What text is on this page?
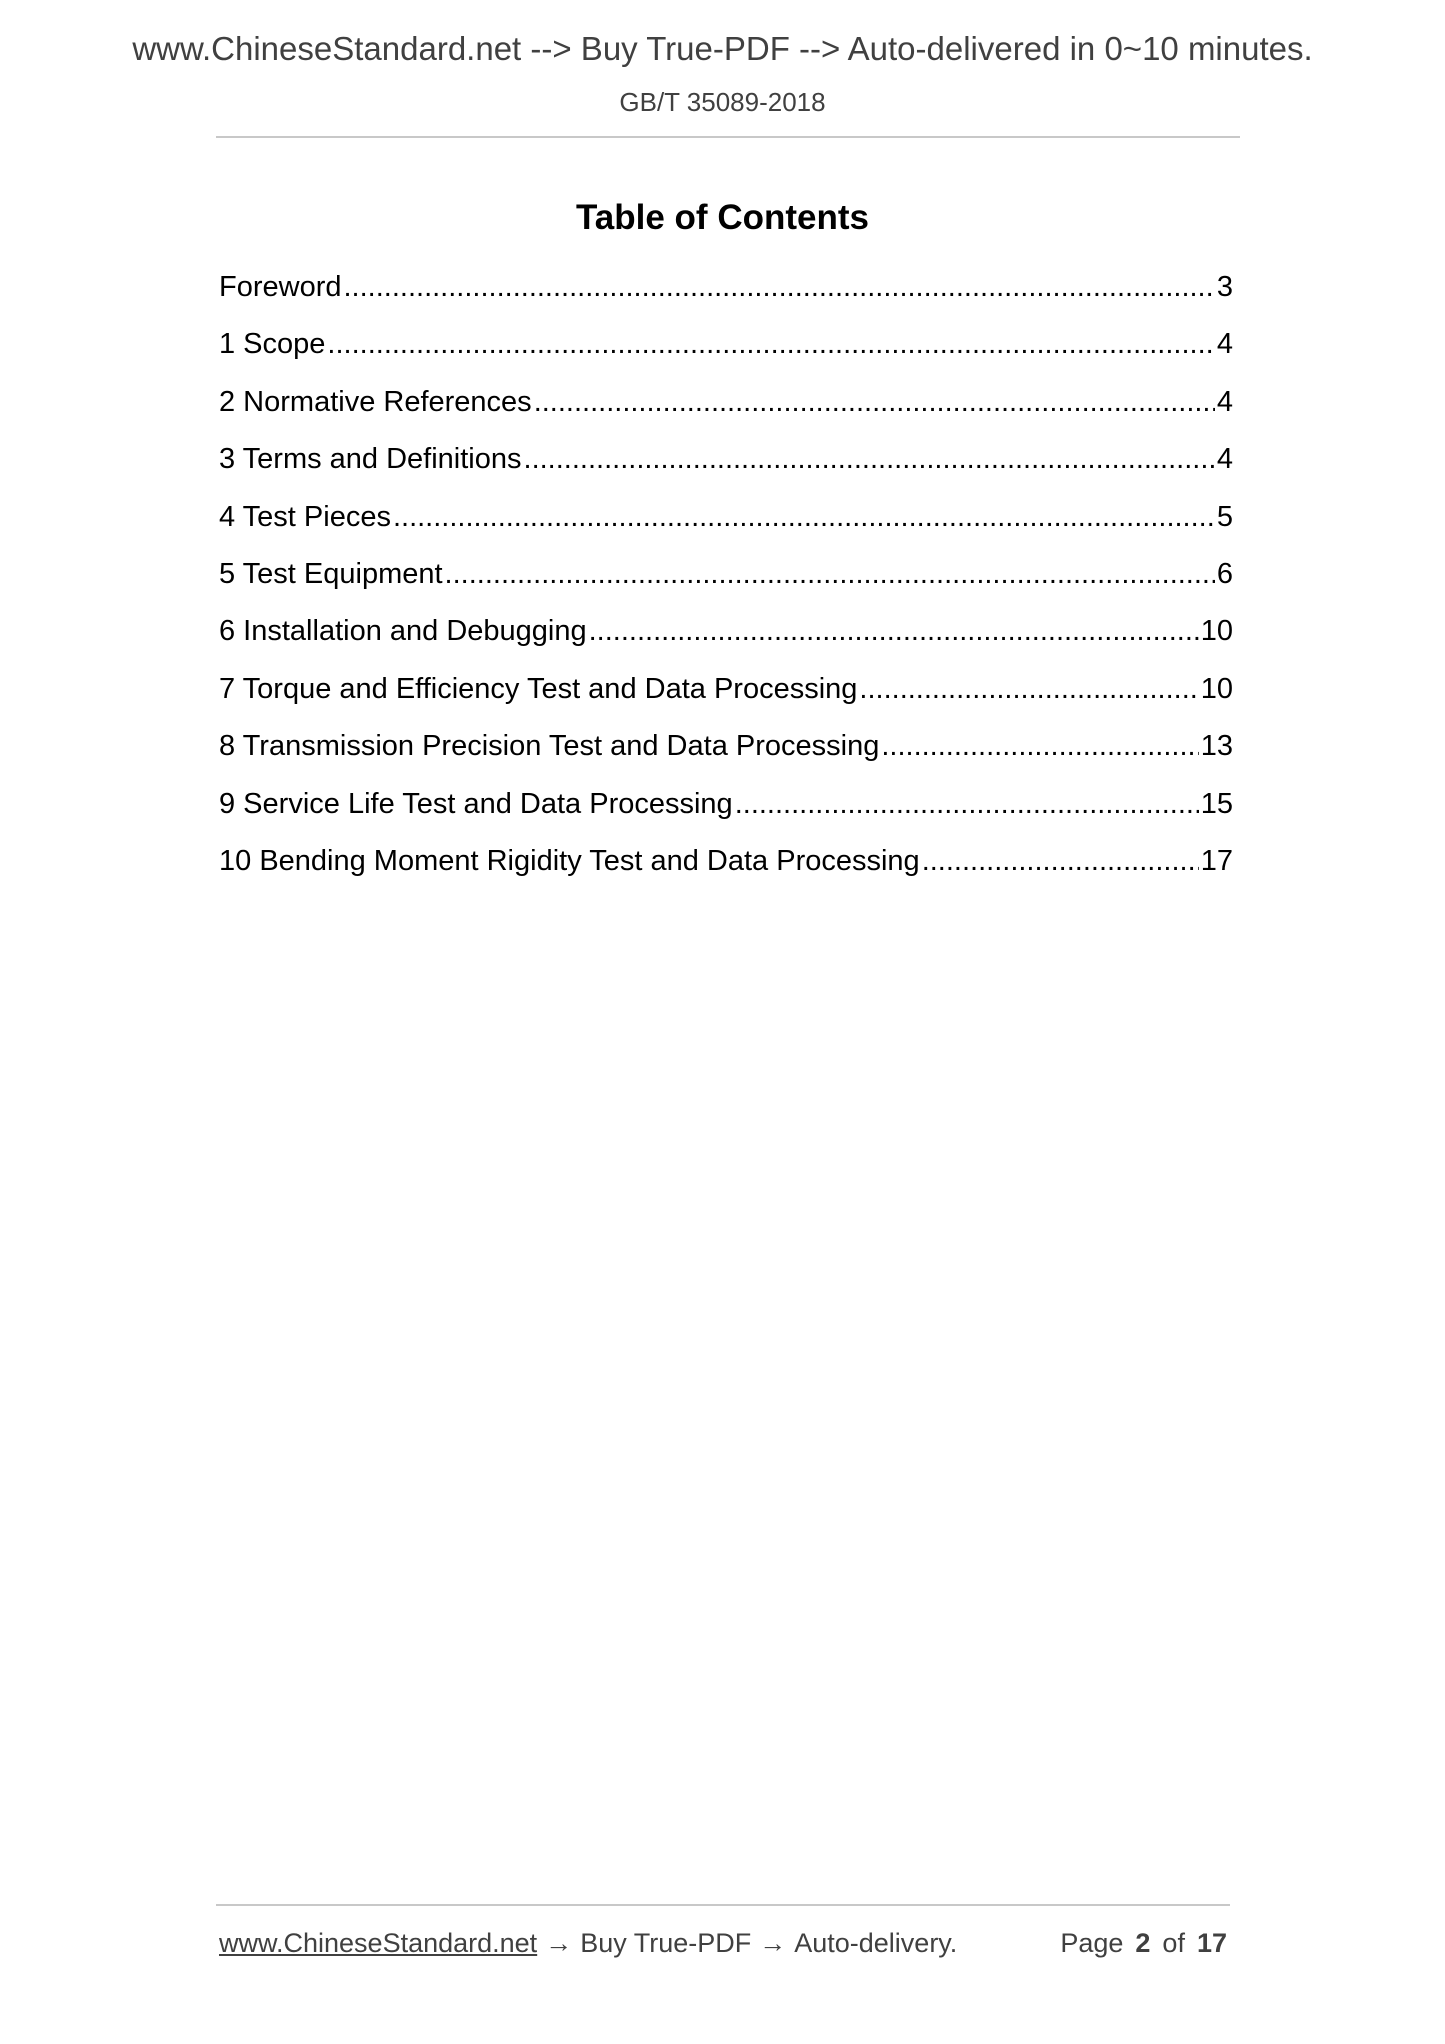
www.ChineseStandard.net --> Buy True-PDF --> Auto-delivered in 0~10 minutes.
GB/T 35089-2018
Table of Contents
Foreword .....	3
1 Scope .....	4
2 Normative References .....	4
3 Terms and Definitions .....	4
4 Test Pieces .....	5
5 Test Equipment .....	6
6 Installation and Debugging .....	10
7 Torque and Efficiency Test and Data Processing .....	10
8 Transmission Precision Test and Data Processing .....	13
9 Service Life Test and Data Processing .....	15
10 Bending Moment Rigidity Test and Data Processing .....	17
www.ChineseStandard.net → Buy True-PDF → Auto-delivery.	Page 2 of 17
